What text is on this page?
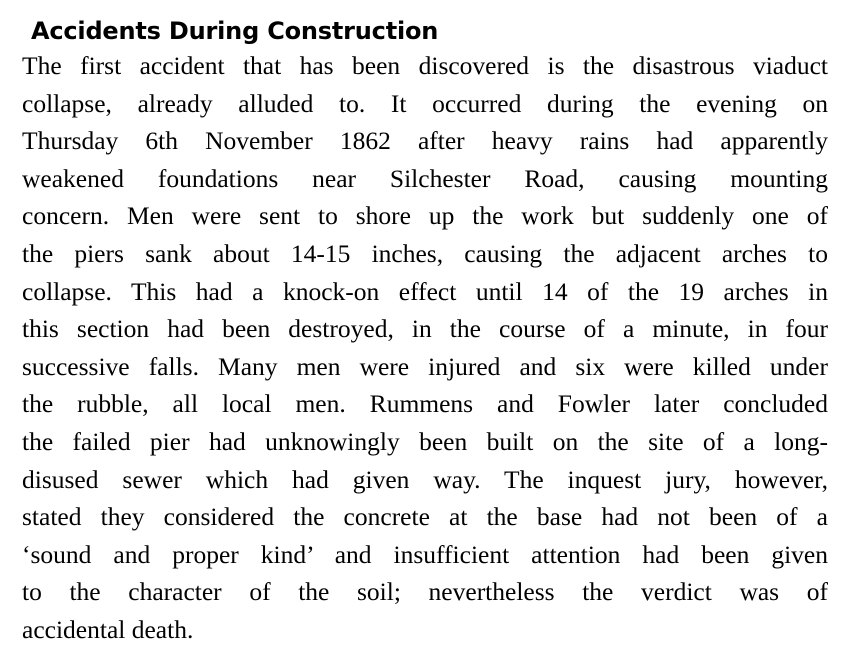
Accidents During Construction
The first accident that has been discovered is the disastrous viaduct
collapse, already alluded to. It occurred during the evening on
Thursday 6th November 1862 after heavy rains had apparently
weakened foundations near Silchester Road, causing mounting
concern. Men were sent to shore up the work but suddenly one of
the piers sank about 14-15 inches, causing the adjacent arches to
collapse. This had a knock-on effect until 14 of the 19 arches in
this section had been destroyed, in the course of a minute, in four
successive falls. Many men were injured and six were killed under
the rubble, all local men. Rummens and Fowler later concluded
the failed pier had unknowingly been built on the site of a long-
disused sewer which had given way. The inquest jury, however,
stated they considered the concrete at the base had not been of a
‘sound and proper kind’ and insufficient attention had been given
to the character of the soil; nevertheless the verdict was of
accidental death.
